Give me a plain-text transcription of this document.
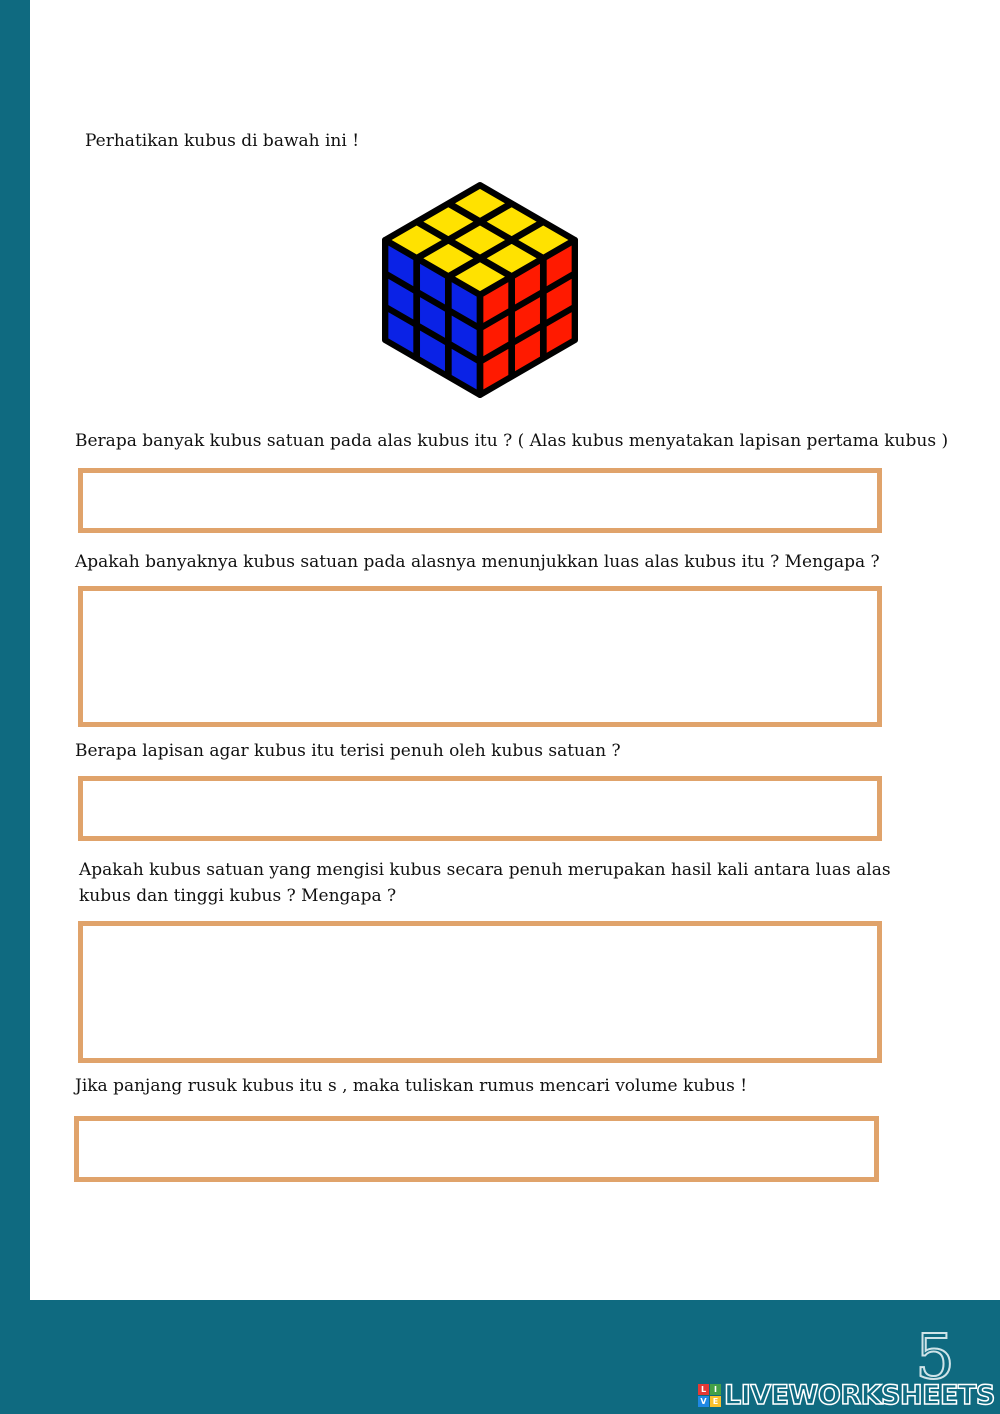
Perhatikan kubus di bawah ini !
Berapa banyak kubus satuan pada alas kubus itu ? ( Alas kubus menyatakan lapisan pertama kubus )
Apakah banyaknya kubus satuan pada alasnya menunjukkan luas alas kubus itu ? Mengapa ?
Berapa lapisan agar kubus itu terisi penuh oleh kubus satuan ?
Apakah kubus satuan yang mengisi kubus secara penuh merupakan hasil kali antara luas alas
kubus dan tinggi kubus ? Mengapa ?
Jika panjang rusuk kubus itu s , maka tuliskan rumus mencari volume kubus !
5
L I
V E LIVEWORKSHEETS
